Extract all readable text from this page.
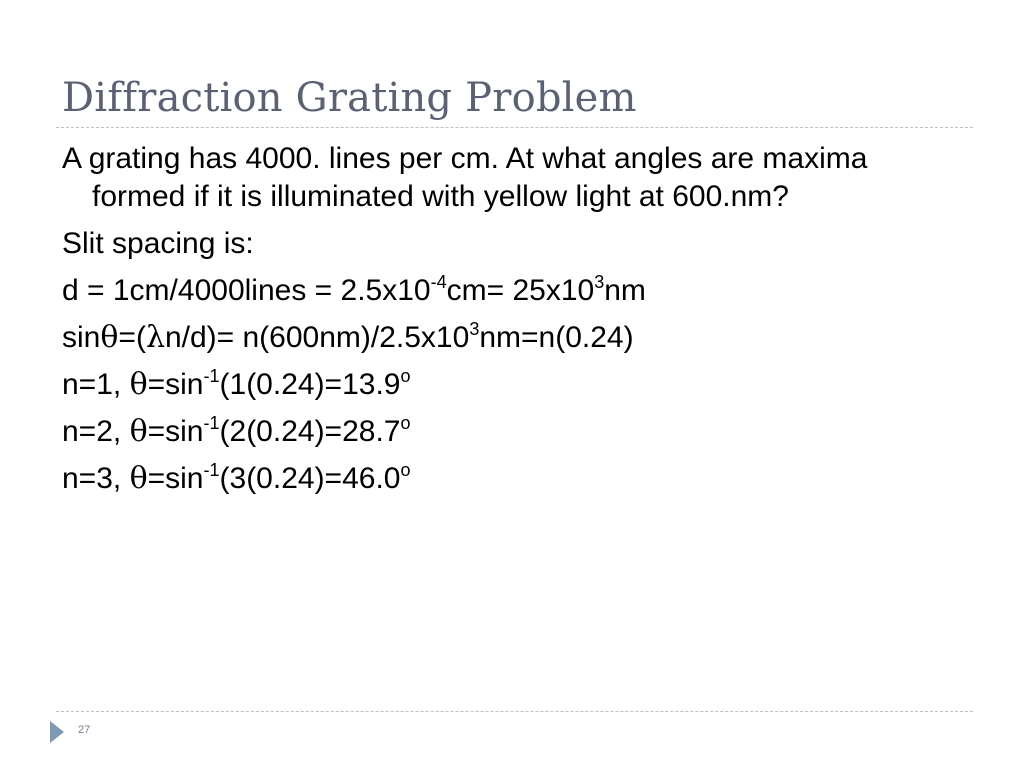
Diffraction Grating Problem
A grating has 4000. lines per cm. At what angles are maxima formed if it is illuminated with yellow light at 600.nm?
Slit spacing is:
d = 1cm/4000lines = $2.5x10^{-4}cm= 25x10^3nm$
$\sin\theta=(\lambda n/d)= n(600nm)/2.5x10^3nm=n(0.24)$
n=1, $\theta=\sin^{-1}(1(0.24)=13.9^o$
n=2, $\theta=\sin^{-1}(2(0.24)=28.7^o$
n=3, $\theta=\sin^{-1}(3(0.24)=46.0^o$
27
